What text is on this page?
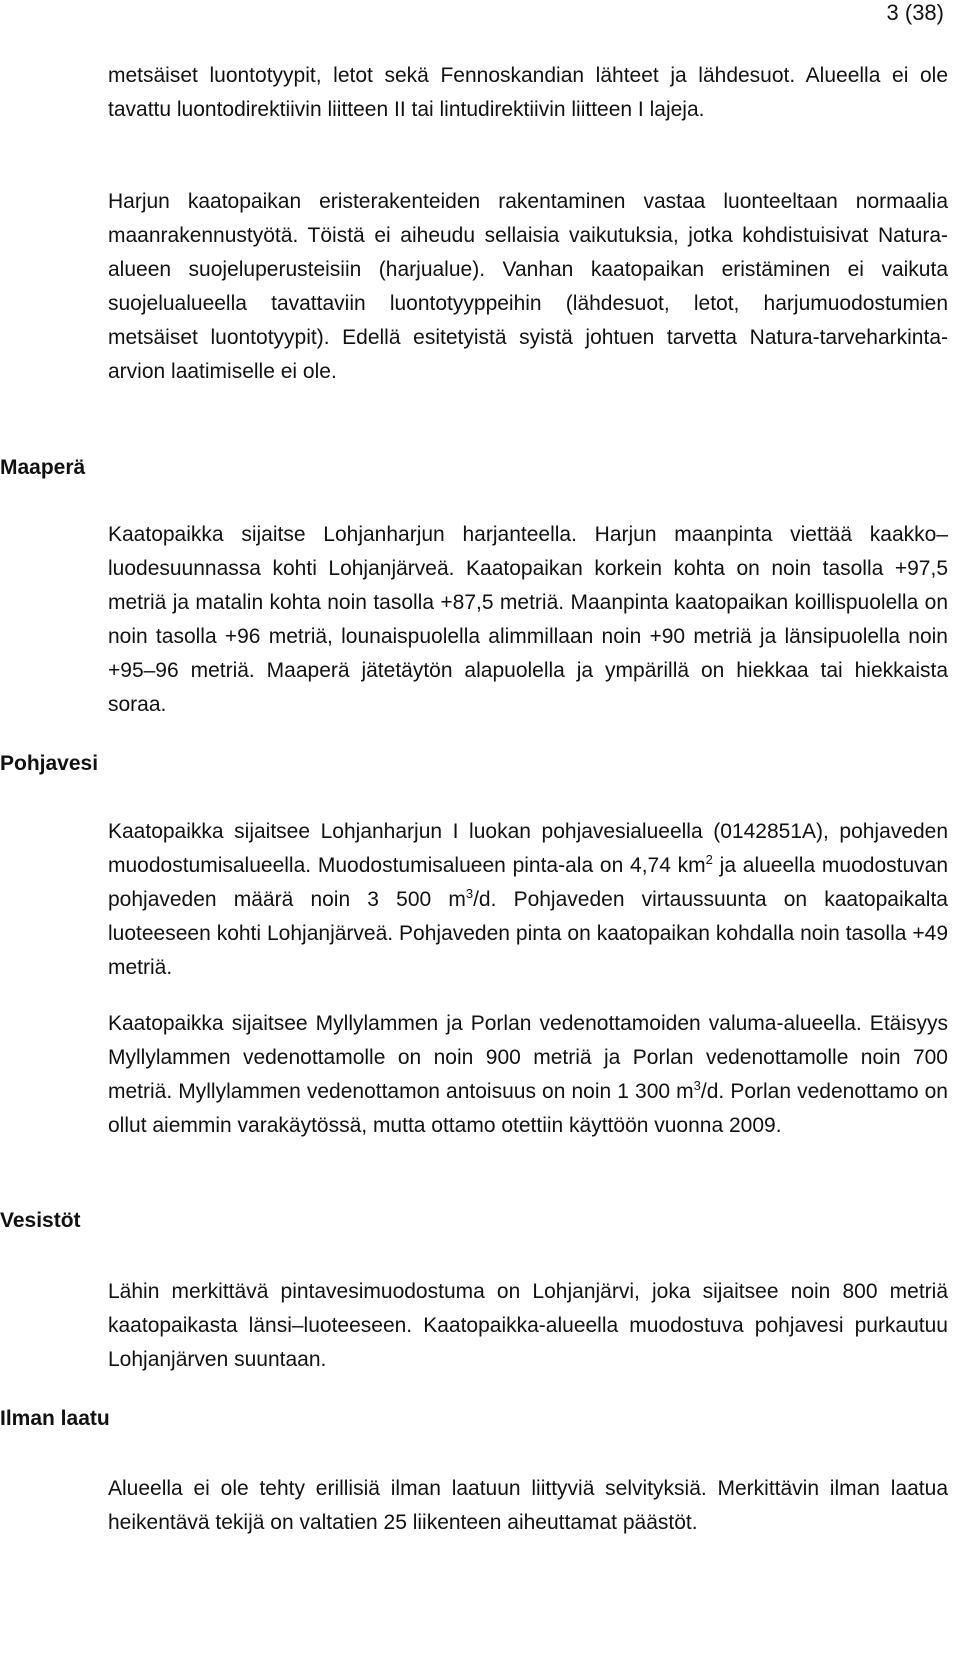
3 (38)

metsäiset luontotyypit, letot sekä Fennoskandian lähteet ja lähdesuot. Alueella ei ole tavattu luontodirektiivin liitteen II tai lintudirektiivin liitteen I lajeja.

Harjun kaatopaikan eristerakenteiden rakentaminen vastaa luonteeltaan normaalia maanrakennustyötä. Töistä ei aiheudu sellaisia vaikutuksia, jotka kohdistuisivat Natura-alueen suojeluperusteisiin (harjualue). Vanhan kaatopaikan eristäminen ei vaikuta suojelualueella tavattaviin luontotyyppeihin (lähdesuot, letot, harjumuodostumien metsäiset luontotyypit). Edellä esitetyistä syistä johtuen tarvetta Natura-tarveharkinta-arvion laatimiselle ei ole.

Maaperä

Kaatopaikka sijaitse Lohjanharjun harjanteella. Harjun maanpinta viettää kaakko–luodesuunnassa kohti Lohjanjärveä. Kaatopaikan korkein kohta on noin tasolla +97,5 metriä ja matalin kohta noin tasolla +87,5 metriä. Maanpinta kaatopaikan koillispuolella on noin tasolla +96 metriä, lounaispuolella alimmillaan noin +90 metriä ja länsipuolella noin +95–96 metriä. Maaperä jätetäytön alapuolella ja ympärillä on hiekkaa tai hiekkaista soraa.

Pohjavesi

Kaatopaikka sijaitsee Lohjanharjun I luokan pohjavesialueella (0142851A), pohjaveden muodostumisalueella. Muodostumisalueen pinta-ala on 4,74 $km^2$ ja alueella muodostuvan pohjaveden määrä noin 3 500 $m^3/d$. Pohjaveden virtaussuunta on kaatopaikalta luoteeseen kohti Lohjanjärveä. Pohjaveden pinta on kaatopaikan kohdalla noin tasolla +49 metriä.

Kaatopaikka sijaitsee Myllylammen ja Porlan vedenottamoiden valuma-alueella. Etäisyys Myllylammen vedenottamolle on noin 900 metriä ja Porlan vedenottamolle noin 700 metriä. Myllylammen vedenottamon antoisuus on noin 1 300 $m^3/d$. Porlan vedenottamo on ollut aiemmin varakäytössä, mutta ottamo otettiin käyttöön vuonna 2009.

Vesistöt

Lähin merkittävä pintavesimuodostuma on Lohjanjärvi, joka sijaitsee noin 800 metriä kaatopaikasta länsi–luoteeseen. Kaatopaikka-alueella muodostuva pohjavesi purkautuu Lohjanjärven suuntaan.

Ilman laatu

Alueella ei ole tehty erillisiä ilman laatuun liittyviä selvityksiä. Merkittävin ilman laatua heikentävä tekijä on valtatien 25 liikenteen aiheuttamat päästöt.
